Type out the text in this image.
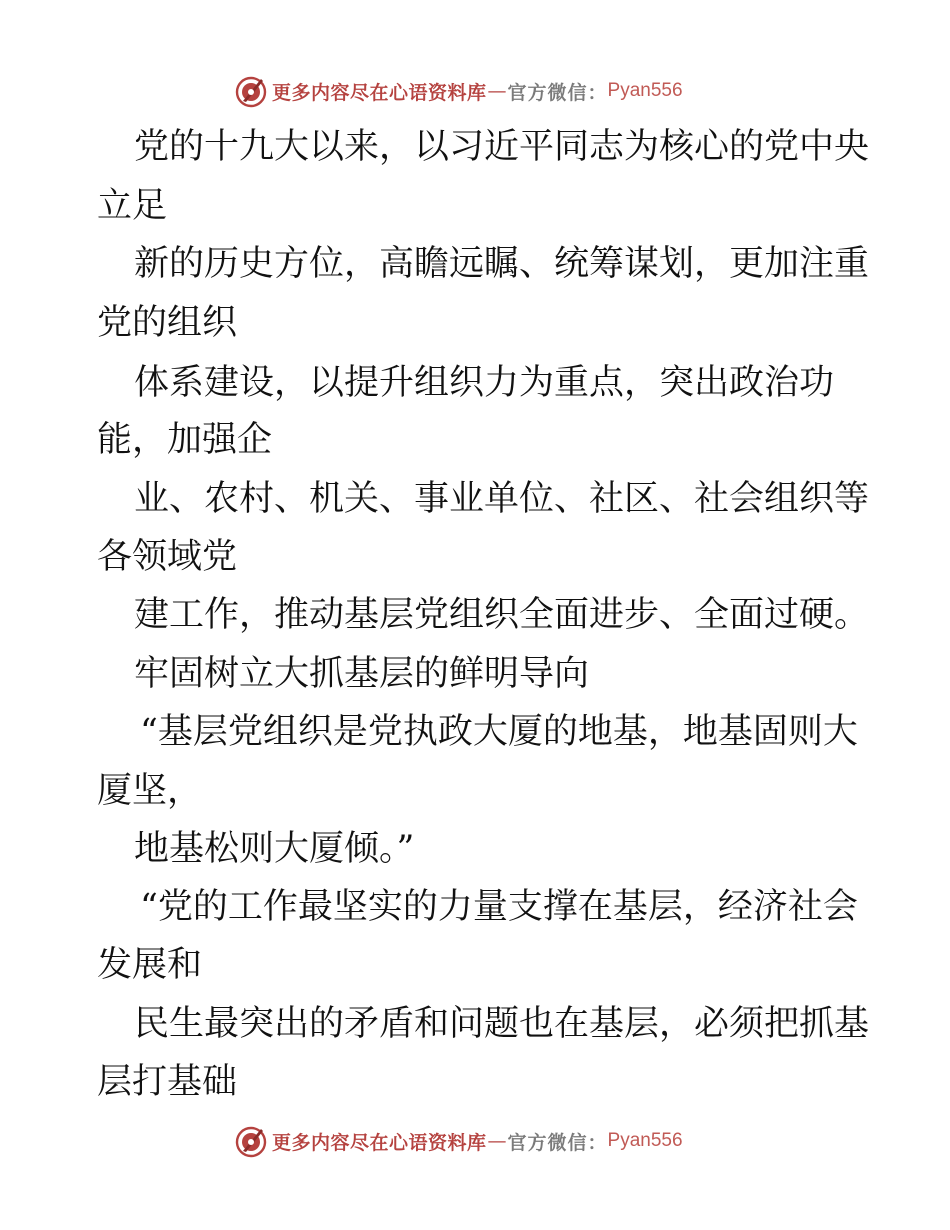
更多内容尽在心语资料库 — 官方微信： Pyan556
党的十九大以来，以习近平同志为核心的党中央
立足
新的历史方位，高瞻远瞩、统筹谋划，更加注重
党的组织
体系建设，以提升组织力为重点，突出政治功
能，加强企
业、农村、机关、事业单位、社区、社会组织等
各领域党
建工作，推动基层党组织全面进步、全面过硬。
牢固树立大抓基层的鲜明导向
“基层党组织是党执政大厦的地基，地基固则大
厦坚，
地基松则大厦倾。”
“党的工作最坚实的力量支撑在基层，经济社会
发展和
民生最突出的矛盾和问题也在基层，必须把抓基
层打基础
更多内容尽在心语资料库 — 官方微信： Pyan556
